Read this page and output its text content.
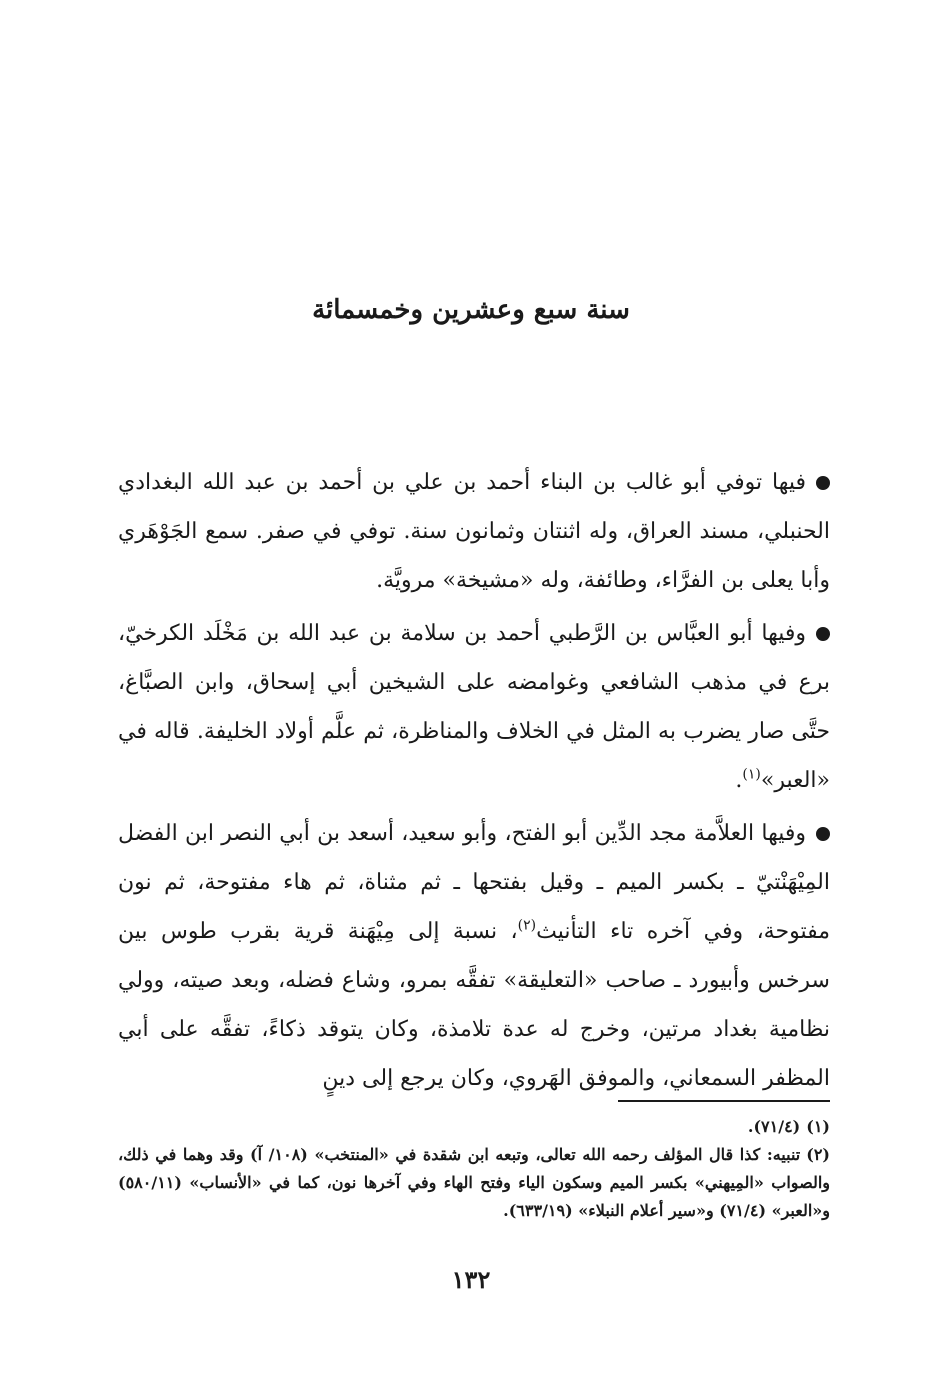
سنة سبع وعشرين وخمسمائة

فيها توفي أبو غالب بن البناء أحمد بن علي بن أحمد بن عبد الله البغدادي الحنبلي، مسند العراق، وله اثنتان وثمانون سنة. توفي في صفر. سمع الجَوْهَري وأبا يعلى بن الفرَّاء، وطائفة، وله «مشيخة» مرويَّة.

وفيها أبو العبَّاس بن الرَّطبي أحمد بن سلامة بن عبد الله بن مَخْلَد الكرخيّ، برع في مذهب الشافعي وغوامضه على الشيخين أبي إسحاق، وابن الصبَّاغ، حتَّى صار يضرب به المثل في الخلاف والمناظرة، ثم علَّم أولاد الخليفة. قاله في «العبر»$^{(١)}$.

وفيها العلاَّمة مجد الدِّين أبو الفتح، وأبو سعيد، أسعد بن أبي النصر ابن الفضل المِيْهَنْتيّ ـ بكسر الميم ـ وقيل بفتحها ـ ثم مثناة، ثم هاء مفتوحة، ثم نون مفتوحة، وفي آخره تاء التأنيث$^{(٢)}$، نسبة إلى مِيْهَنة قرية بقرب طوس بين سرخس وأبيورد ـ صاحب «التعليقة» تفقَّه بمرو، وشاع فضله، وبعد صيته، وولي نظامية بغداد مرتين، وخرج له عدة تلامذة، وكان يتوقد ذكاءً، تفقَّه على أبي المظفر السمعاني، والموفق الهَروي، وكان يرجع إلى دينٍ

(١)(٧١/٤).

(٢)تنبيه: كذا قال المؤلف رحمه الله تعالى، وتبعه ابن شقدة في «المنتخب» (١٠٨/ آ) وقد وهما في ذلك، والصواب «المِيهني» بكسر الميم وسكون الياء وفتح الهاء وفي آخرها نون، كما في «الأنساب» (٥٨٠/١١) و«العبر» (٧١/٤) و«سير أعلام النبلاء» (٦٣٣/١٩).

١٣٢
